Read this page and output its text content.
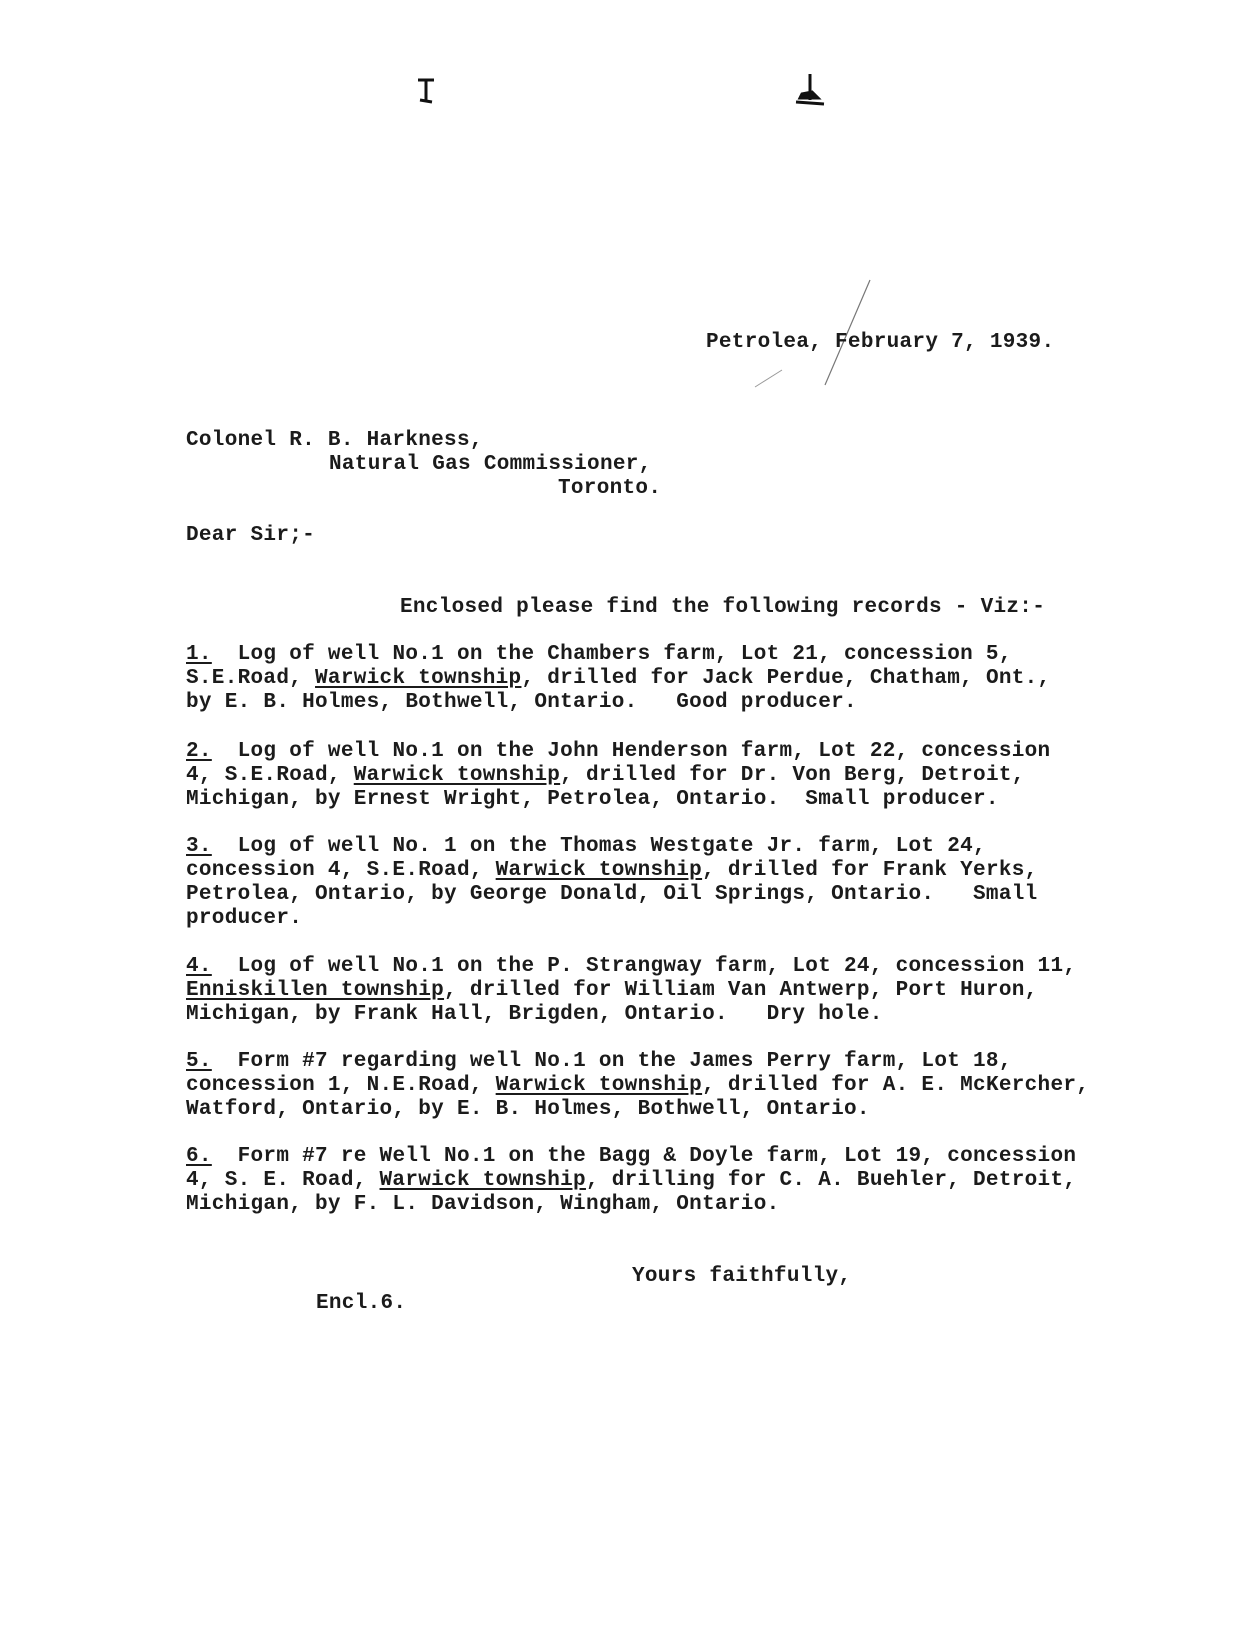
Petrolea, February 7, 1939.
Colonel R. B. Harkness,
Natural Gas Commissioner,
Toronto.
Dear Sir;-
Enclosed please find the following records - Viz:-
1.  Log of well No.1 on the Chambers farm, Lot 21, concession 5,
S.E.Road, Warwick township, drilled for Jack Perdue, Chatham, Ont.,
by E. B. Holmes, Bothwell, Ontario.   Good producer.
2.  Log of well No.1 on the John Henderson farm, Lot 22, concession
4, S.E.Road, Warwick township, drilled for Dr. Von Berg, Detroit,
Michigan, by Ernest Wright, Petrolea, Ontario.  Small producer.
3.  Log of well No. 1 on the Thomas Westgate Jr. farm, Lot 24,
concession 4, S.E.Road, Warwick township, drilled for Frank Yerks,
Petrolea, Ontario, by George Donald, Oil Springs, Ontario.   Small
producer.
4.  Log of well No.1 on the P. Strangway farm, Lot 24, concession 11,
Enniskillen township, drilled for William Van Antwerp, Port Huron,
Michigan, by Frank Hall, Brigden, Ontario.   Dry hole.
5.  Form #7 regarding well No.1 on the James Perry farm, Lot 18,
concession 1, N.E.Road, Warwick township, drilled for A. E. McKercher,
Watford, Ontario, by E. B. Holmes, Bothwell, Ontario.
6.  Form #7 re Well No.1 on the Bagg & Doyle farm, Lot 19, concession
4, S. E. Road, Warwick township, drilling for C. A. Buehler, Detroit,
Michigan, by F. L. Davidson, Wingham, Ontario.
Yours faithfully,
Encl.6.
